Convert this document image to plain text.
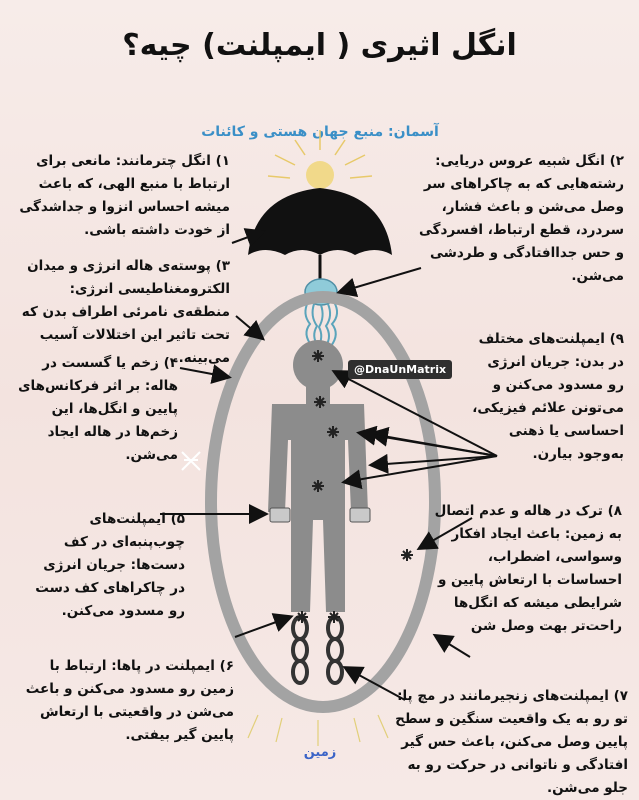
انگل اثیری ( ایمپلنت) چیه؟
آسمان: منبع جهان هستی و کائنات
@DnaUnMatrix
۱) انگل چترمانند: مانعی برای ارتباط با منبع الهی، که باعث میشه احساس انزوا و جداشدگی از خودت داشته باشی.
۲) انگل شبیه عروس دریایی: رشته‌هایی که به چاکراهای سر وصل می‌شن و باعث فشار، سردرد، قطع ارتباط، افسردگی و حس جداافتادگی و طردشی می‌شن.
۳) پوسته‌ی هاله انرژی و میدان الکترومغناطیسی انرژی: منطقه‌ی نامرئی اطراف بدن که تحت تاثیر این اختلالات آسیب می‌بینه.
۴) زخم یا گسست در هاله: بر اثر فرکانس‌های پایین و انگل‌ها، این زخم‌ها در هاله ایجاد می‌شن.
۹) ایمپلنت‌های مختلف در بدن: جریان انرژی رو مسدود می‌کنن و می‌تونن علائم فیزیکی، احساسی یا ذهنی به‌وجود بیارن.
۵) ایمپلنت‌های چوب‌پنبه‌ای در کف دست‌ها: جریان انرژی در چاکراهای کف دست رو مسدود می‌کنن.
۸) ترک در هاله و عدم اتصال به زمین: باعث ایجاد افکار وسواسی، اضطراب، احساسات با ارتعاش پایین و شرایطی میشه که انگل‌ها راحت‌تر بهت وصل شن
۶) ایمپلنت در پاها: ارتباط با زمین رو مسدود می‌کنن و باعث می‌شن در واقعیتی با ارتعاش پایین گیر بیفتی.
۷) ایمپلنت‌های زنجیرمانند در مچ پا: تو رو به یک واقعیت سنگین و سطح پایین وصل می‌کنن، باعث حس گیر افتادگی و ناتوانی در حرکت رو به جلو می‌شن.
زمین
